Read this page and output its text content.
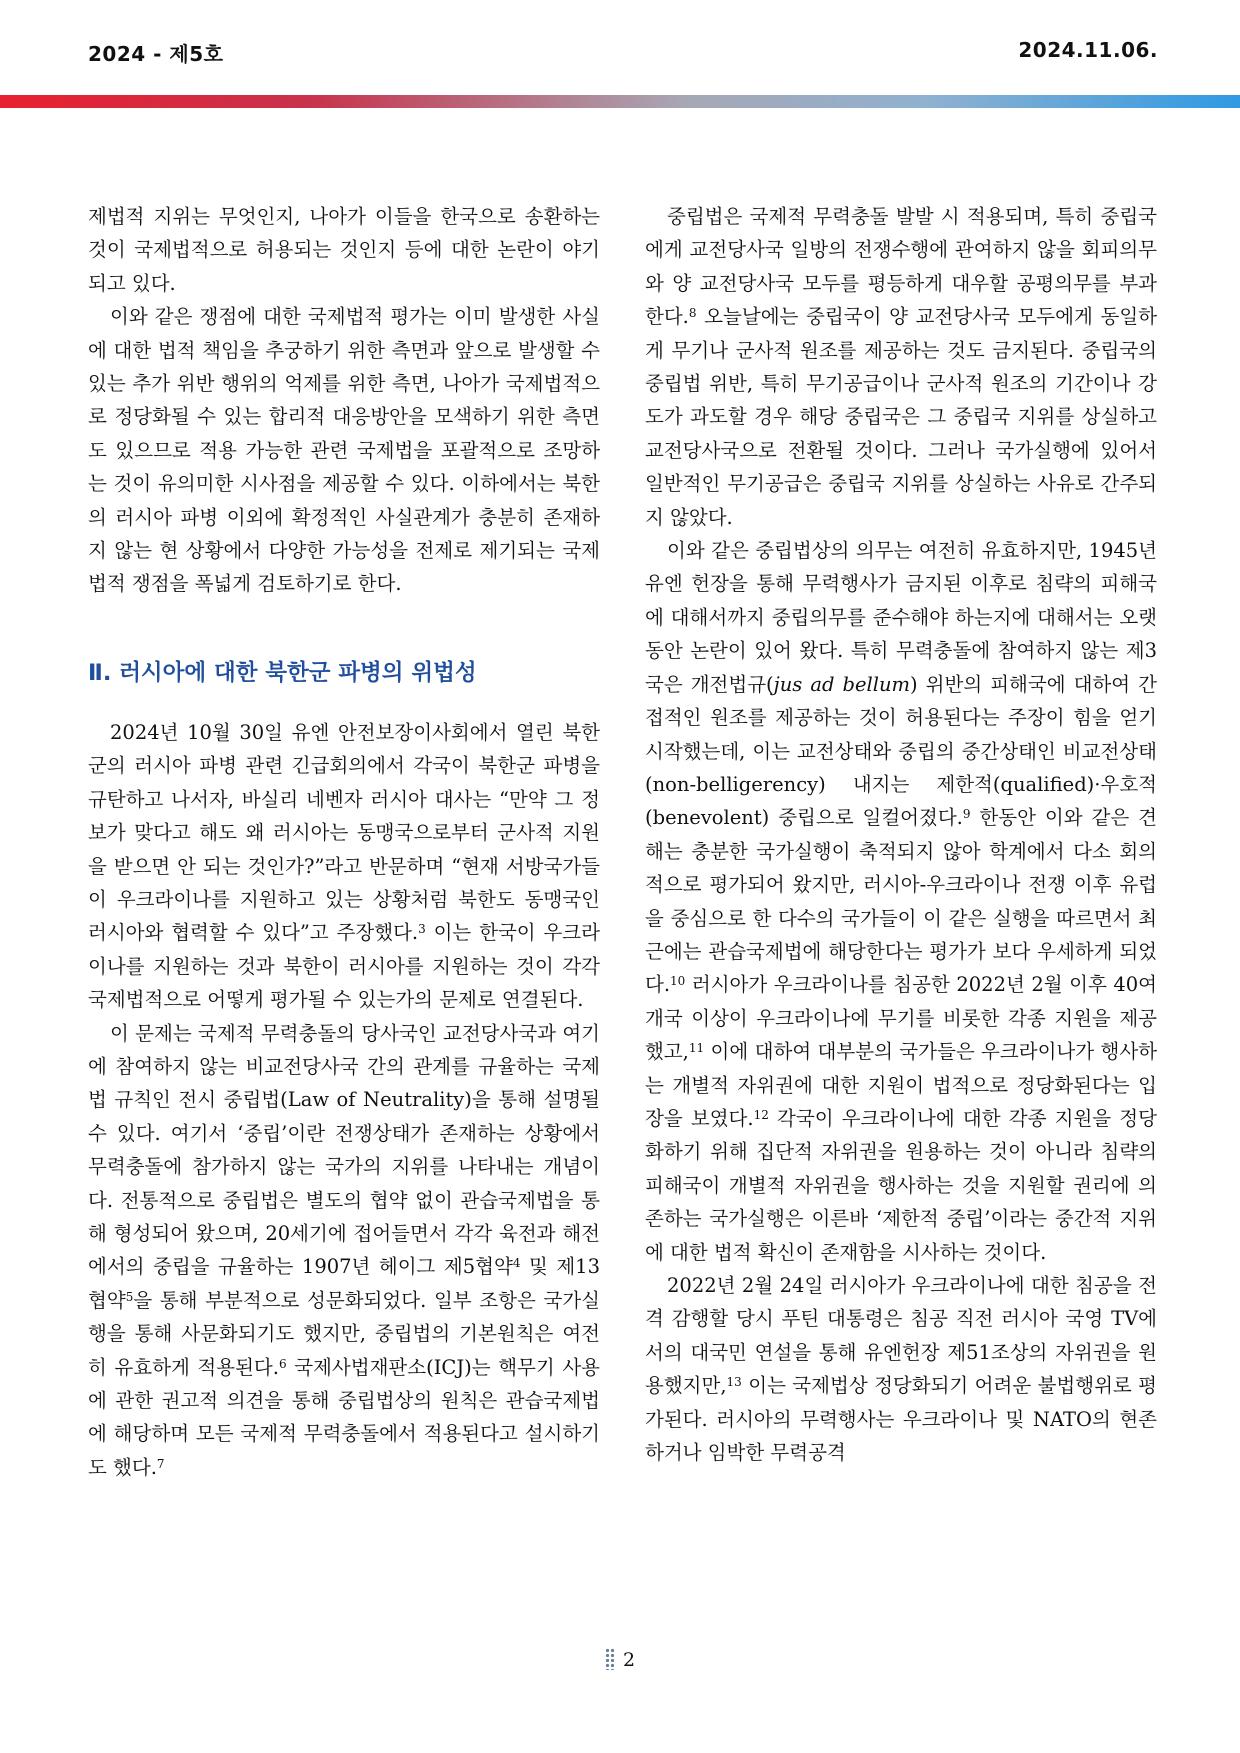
2024 - 제5호	2024.11.06.

제법적 지위는 무엇인지, 나아가 이들을 한국으로 송환하는 것이 국제법적으로 허용되는 것인지 등에 대한 논란이 야기되고 있다.

이와 같은 쟁점에 대한 국제법적 평가는 이미 발생한 사실에 대한 법적 책임을 추궁하기 위한 측면과 앞으로 발생할 수 있는 추가 위반 행위의 억제를 위한 측면, 나아가 국제법적으로 정당화될 수 있는 합리적 대응방안을 모색하기 위한 측면도 있으므로 적용 가능한 관련 국제법을 포괄적으로 조망하는 것이 유의미한 시사점을 제공할 수 있다. 이하에서는 북한의 러시아 파병 이외에 확정적인 사실관계가 충분히 존재하지 않는 현 상황에서 다양한 가능성을 전제로 제기되는 국제법적 쟁점을 폭넓게 검토하기로 한다.

Ⅱ. 러시아에 대한 북한군 파병의 위법성

2024년 10월 30일 유엔 안전보장이사회에서 열린 북한군의 러시아 파병 관련 긴급회의에서 각국이 북한군 파병을 규탄하고 나서자, 바실리 네벤자 러시아 대사는 “만약 그 정보가 맞다고 해도 왜 러시아는 동맹국으로부터 군사적 지원을 받으면 안 되는 것인가?”라고 반문하며 “현재 서방국가들이 우크라이나를 지원하고 있는 상황처럼 북한도 동맹국인 러시아와 협력할 수 있다”고 주장했다.$^3$ 이는 한국이 우크라이나를 지원하는 것과 북한이 러시아를 지원하는 것이 각각 국제법적으로 어떻게 평가될 수 있는가의 문제로 연결된다.

이 문제는 국제적 무력충돌의 당사국인 교전당사국과 여기에 참여하지 않는 비교전당사국 간의 관계를 규율하는 국제법 규칙인 전시 중립법(Law of Neutrality)을 통해 설명될 수 있다. 여기서 ‘중립’이란 전쟁상태가 존재하는 상황에서 무력충돌에 참가하지 않는 국가의 지위를 나타내는 개념이다. 전통적으로 중립법은 별도의 협약 없이 관습국제법을 통해 형성되어 왔으며, 20세기에 접어들면서 각각 육전과 해전에서의 중립을 규율하는 1907년 헤이그 제5협약$^4$ 및 제13협약$^5$을 통해 부분적으로 성문화되었다. 일부 조항은 국가실행을 통해 사문화되기도 했지만, 중립법의 기본원칙은 여전히 유효하게 적용된다.$^6$ 국제사법재판소(ICJ)는 핵무기 사용에 관한 권고적 의견을 통해 중립법상의 원칙은 관습국제법에 해당하며 모든 국제적 무력충돌에서 적용된다고 설시하기도 했다.$^7$

중립법은 국제적 무력충돌 발발 시 적용되며, 특히 중립국에게 교전당사국 일방의 전쟁수행에 관여하지 않을 회피의무와 양 교전당사국 모두를 평등하게 대우할 공평의무를 부과한다.$^8$ 오늘날에는 중립국이 양 교전당사국 모두에게 동일하게 무기나 군사적 원조를 제공하는 것도 금지된다. 중립국의 중립법 위반, 특히 무기공급이나 군사적 원조의 기간이나 강도가 과도할 경우 해당 중립국은 그 중립국 지위를 상실하고 교전당사국으로 전환될 것이다. 그러나 국가실행에 있어서 일반적인 무기공급은 중립국 지위를 상실하는 사유로 간주되지 않았다.

이와 같은 중립법상의 의무는 여전히 유효하지만, 1945년 유엔 헌장을 통해 무력행사가 금지된 이후로 침략의 피해국에 대해서까지 중립의무를 준수해야 하는지에 대해서는 오랫동안 논란이 있어 왔다. 특히 무력충돌에 참여하지 않는 제3국은 개전법규(jus ad bellum) 위반의 피해국에 대하여 간접적인 원조를 제공하는 것이 허용된다는 주장이 힘을 얻기 시작했는데, 이는 교전상태와 중립의 중간상태인 비교전상태(non-belligerency) 내지는 제한적(qualified)·우호적(benevolent) 중립으로 일컬어졌다.$^9$ 한동안 이와 같은 견해는 충분한 국가실행이 축적되지 않아 학계에서 다소 회의적으로 평가되어 왔지만, 러시아-우크라이나 전쟁 이후 유럽을 중심으로 한 다수의 국가들이 이 같은 실행을 따르면서 최근에는 관습국제법에 해당한다는 평가가 보다 우세하게 되었다.$^{10}$ 러시아가 우크라이나를 침공한 2022년 2월 이후 40여개국 이상이 우크라이나에 무기를 비롯한 각종 지원을 제공했고,$^{11}$ 이에 대하여 대부분의 국가들은 우크라이나가 행사하는 개별적 자위권에 대한 지원이 법적으로 정당화된다는 입장을 보였다.$^{12}$ 각국이 우크라이나에 대한 각종 지원을 정당화하기 위해 집단적 자위권을 원용하는 것이 아니라 침략의 피해국이 개별적 자위권을 행사하는 것을 지원할 권리에 의존하는 국가실행은 이른바 ‘제한적 중립’이라는 중간적 지위에 대한 법적 확신이 존재함을 시사하는 것이다.

2022년 2월 24일 러시아가 우크라이나에 대한 침공을 전격 감행할 당시 푸틴 대통령은 침공 직전 러시아 국영 TV에서의 대국민 연설을 통해 유엔헌장 제51조상의 자위권을 원용했지만,$^{13}$ 이는 국제법상 정당화되기 어려운 불법행위로 평가된다. 러시아의 무력행사는 우크라이나 및 NATO의 현존하거나 임박한 무력공격

2
